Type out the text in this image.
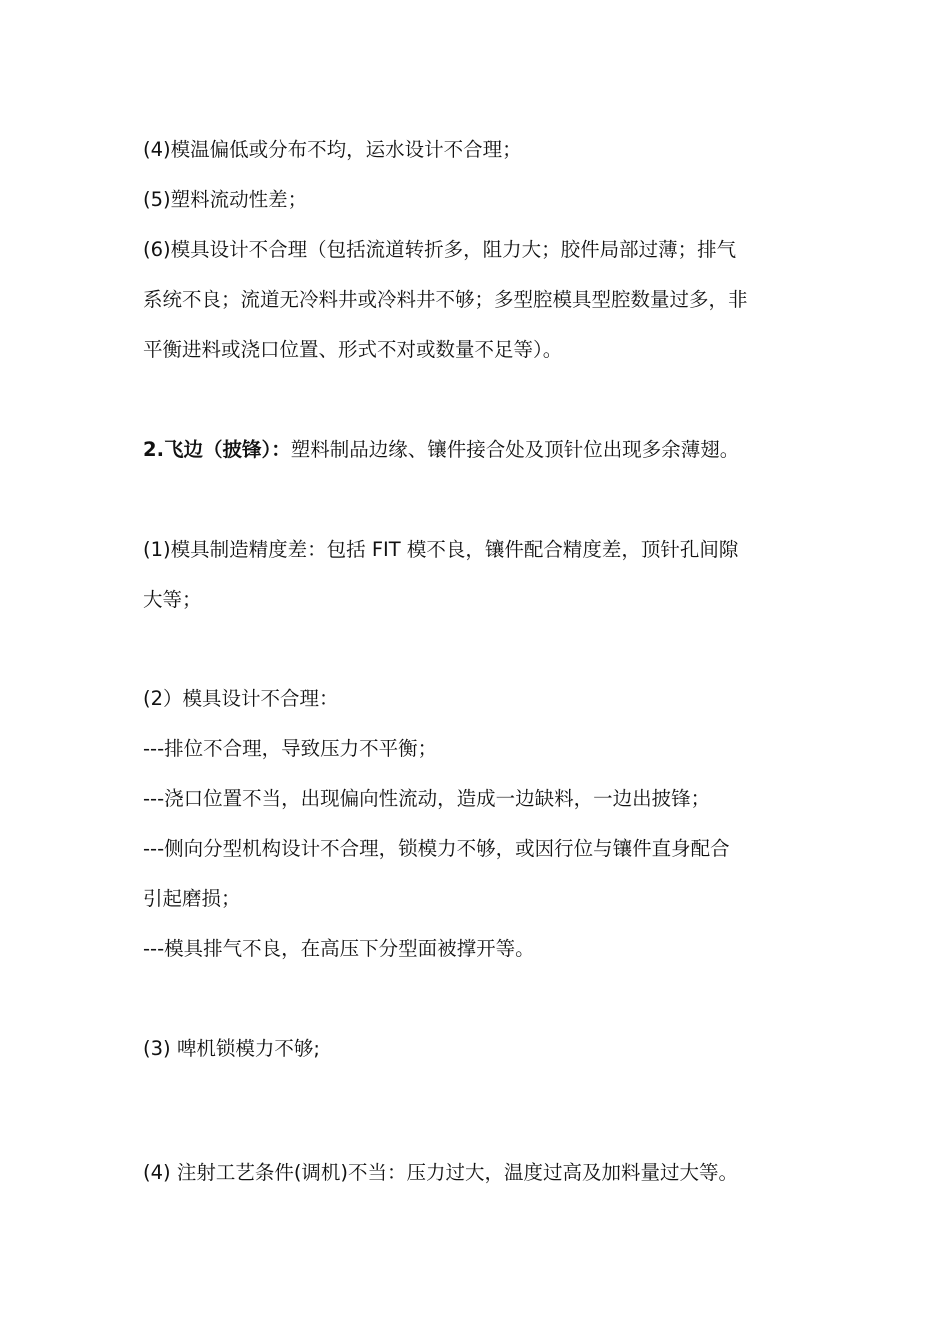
(4)模温偏低或分布不均，运水设计不合理；

(5)塑料流动性差；

(6)模具设计不合理（包括流道转折多，阻力大；胶件局部过薄；排气

系统不良；流道无冷料井或冷料井不够；多型腔模具型腔数量过多，非

平衡进料或浇口位置、形式不对或数量不足等）。

2.飞边（披锋）：塑料制品边缘、镶件接合处及顶针位出现多余薄翅。

(1)模具制造精度差：包括 FIT 模不良，镶件配合精度差，顶针孔间隙

大等；

(2）模具设计不合理：

---排位不合理，导致压力不平衡；

---浇口位置不当，出现偏向性流动，造成一边缺料，一边出披锋；

---侧向分型机构设计不合理，锁模力不够，或因行位与镶件直身配合

引起磨损；

---模具排气不良，在高压下分型面被撑开等。

(3) 啤机锁模力不够;

(4) 注射工艺条件(调机)不当：压力过大，温度过高及加料量过大等。
